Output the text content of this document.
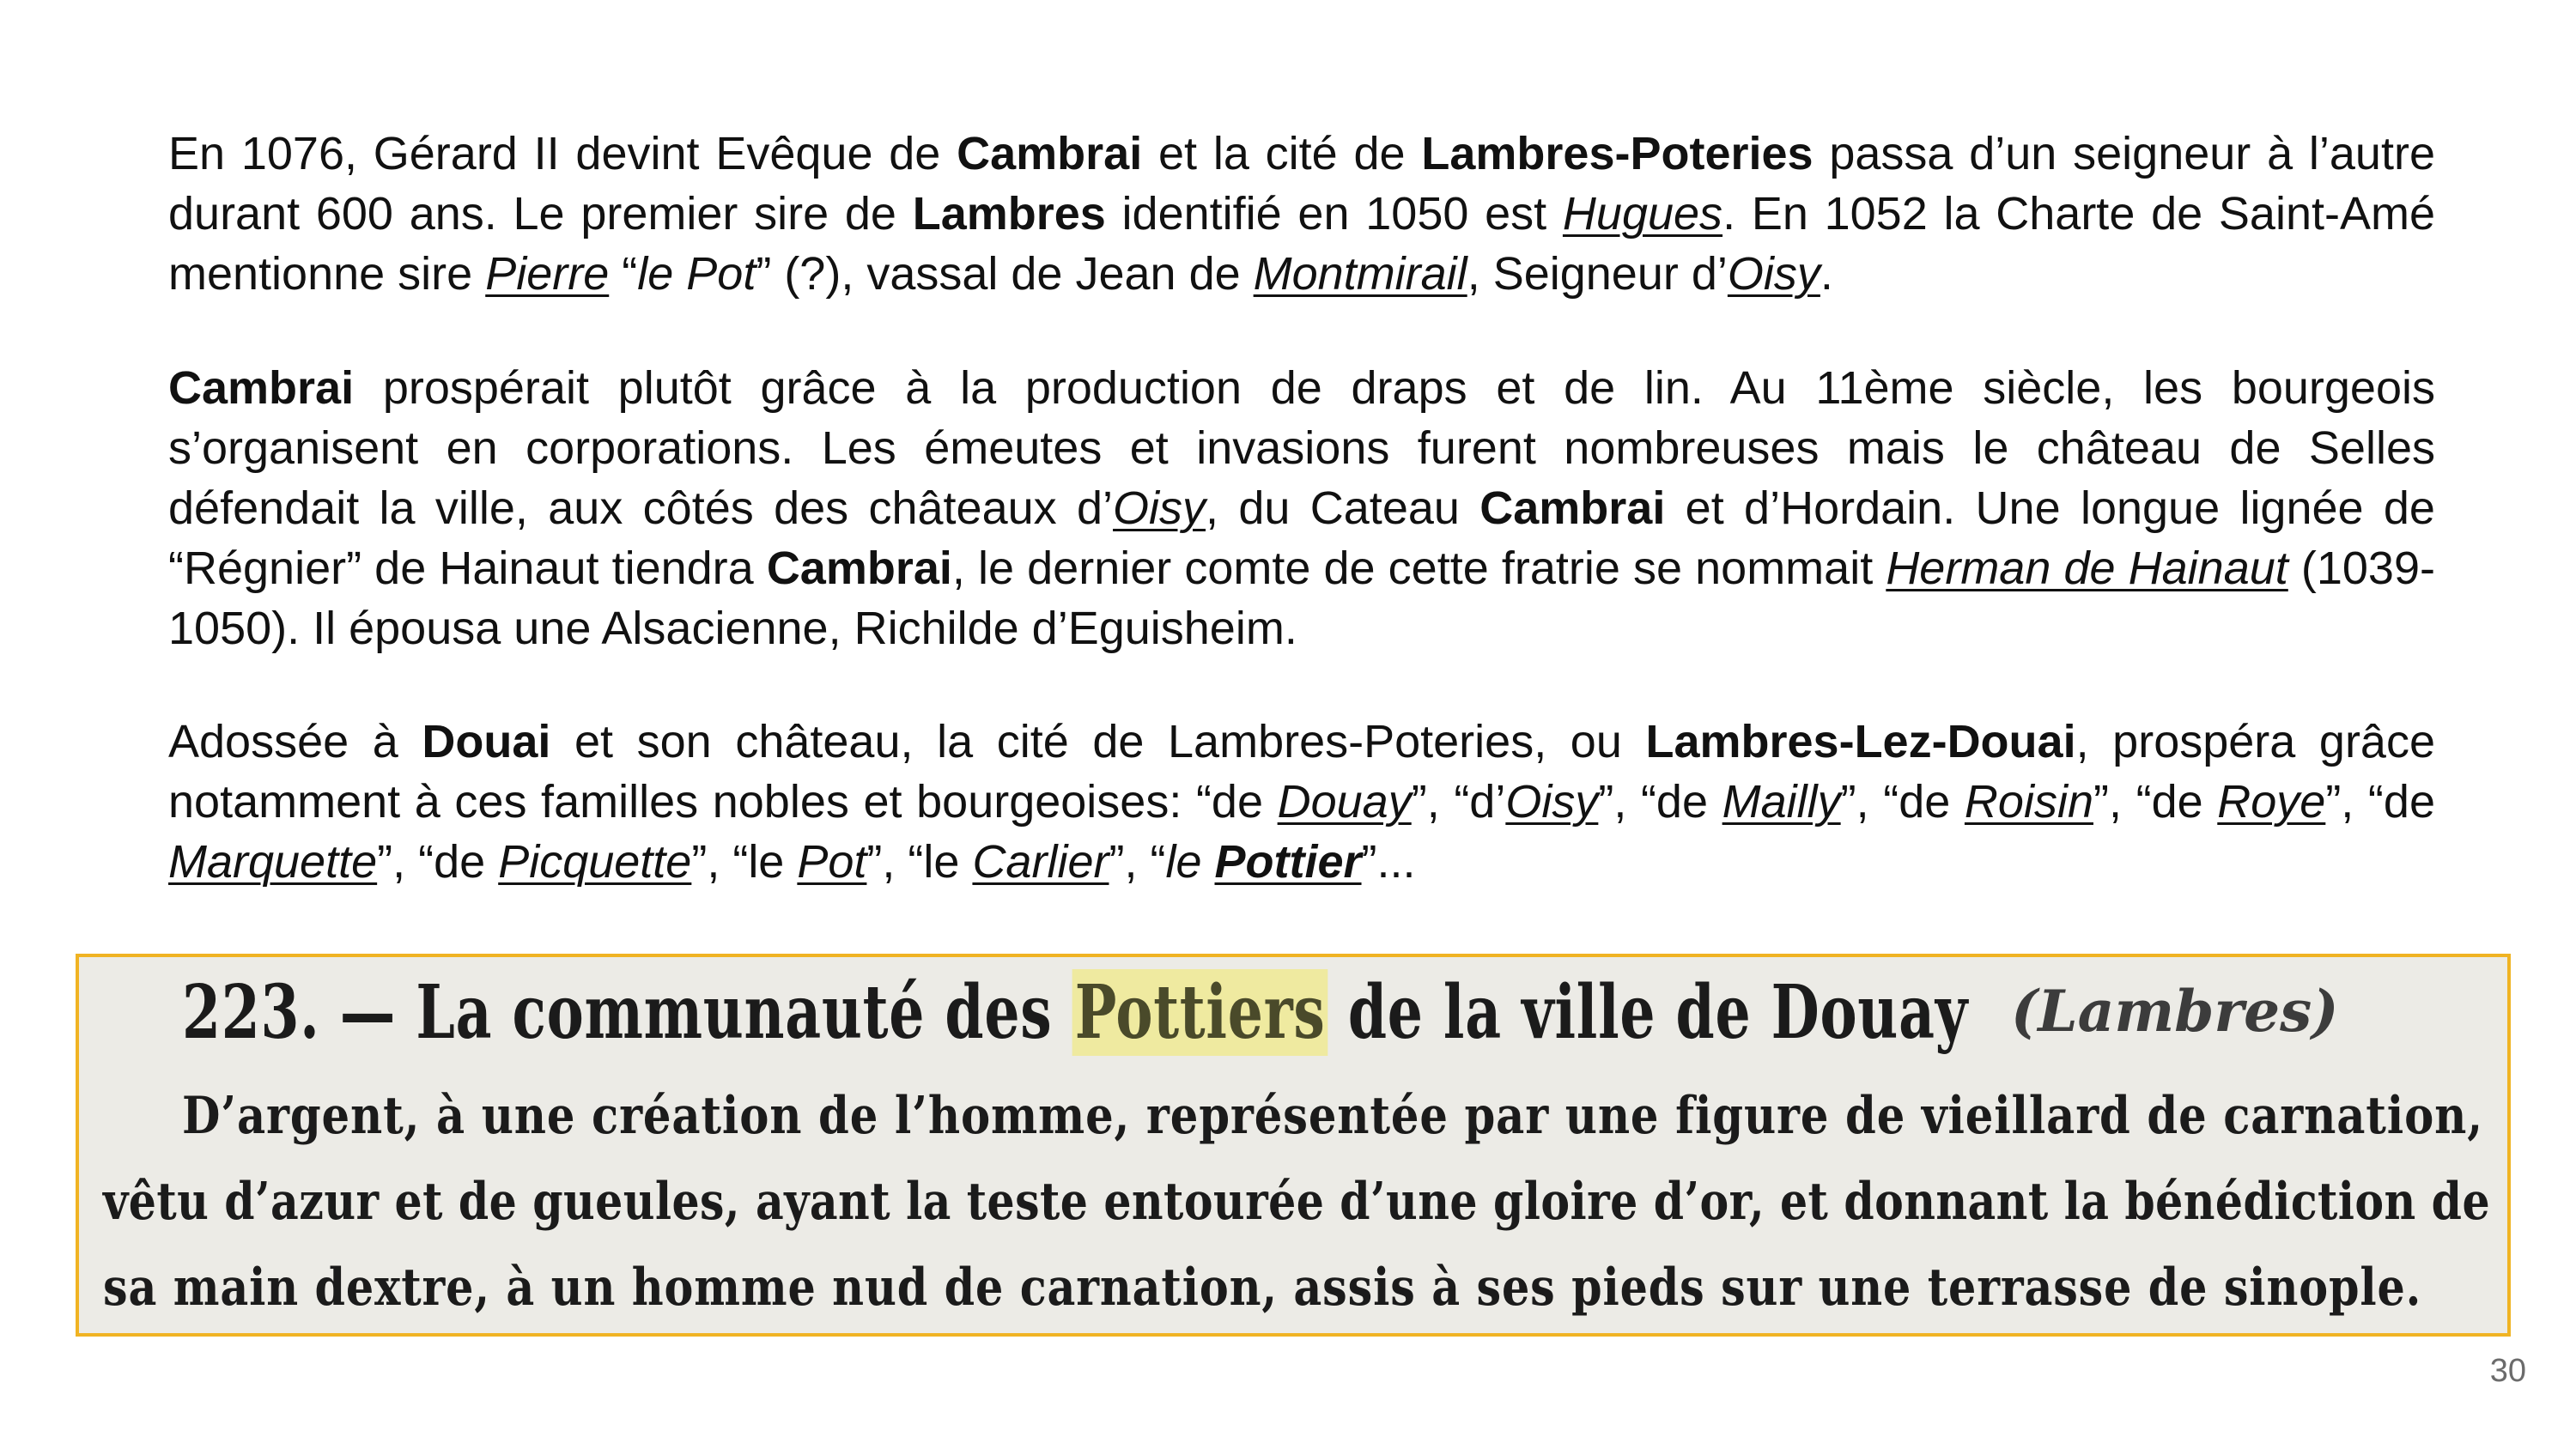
En 1076, Gérard II devint Evêque de Cambrai et la cité de Lambres-Poteries passa d’un seigneur à l’autre durant 600 ans. Le premier sire de Lambres identifié en 1050 est Hugues. En 1052 la Charte de Saint-Amé mentionne sire Pierre “le Pot” (?), vassal de Jean de Montmirail, Seigneur d’Oisy.

Cambrai prospérait plutôt grâce à la production de draps et de lin. Au 11ème siècle, les bourgeois s’organisent en corporations. Les émeutes et invasions furent nombreuses mais le château de Selles défendait la ville, aux côtés des châteaux d’Oisy, du Cateau Cambrai et d’Hordain. Une longue lignée de “Régnier” de Hainaut tiendra Cambrai, le dernier comte de cette fratrie se nommait Herman de Hainaut (1039-1050). Il épousa une Alsacienne, Richilde d’Eguisheim.

Adossée à Douai et son château, la cité de Lambres-Poteries, ou Lambres-Lez-Douai, prospéra grâce notamment à ces familles nobles et bourgeoises: “de Douay”, “d’Oisy”, “de Mailly”, “de Roisin”, “de Roye”, “de Marquette”, “de Picquette”, “le Pot”, “le Carlier”, “le Pottier”...

223. — La communauté des Pottiers de la ville de Douay (Lambres)
D’argent, à une création de l’homme, représentée par une figure de vieillard de carnation,
vêtu d’azur et de gueules, ayant la teste entourée d’une gloire d’or, et donnant la bénédiction de
sa main dextre, à un homme nud de carnation, assis à ses pieds sur une terrasse de sinople.
30
